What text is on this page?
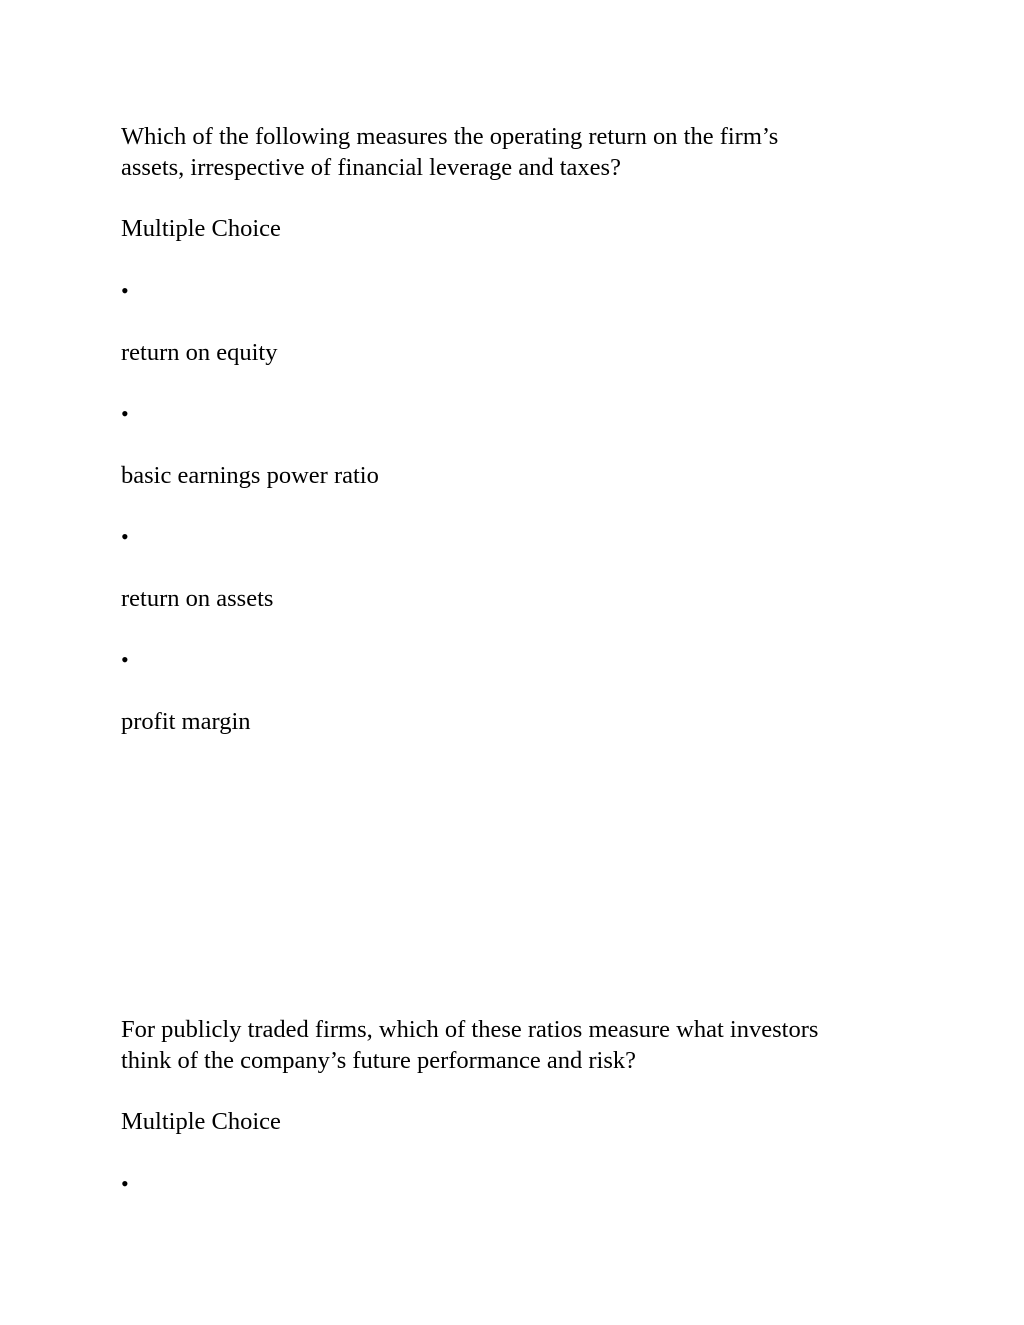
Which of the following measures the operating return on the firm’s

assets, irrespective of financial leverage and taxes?

Multiple Choice

•

return on equity

•

basic earnings power ratio

•

return on assets

•

profit margin

For publicly traded firms, which of these ratios measure what investors

think of the company’s future performance and risk?

Multiple Choice

•
